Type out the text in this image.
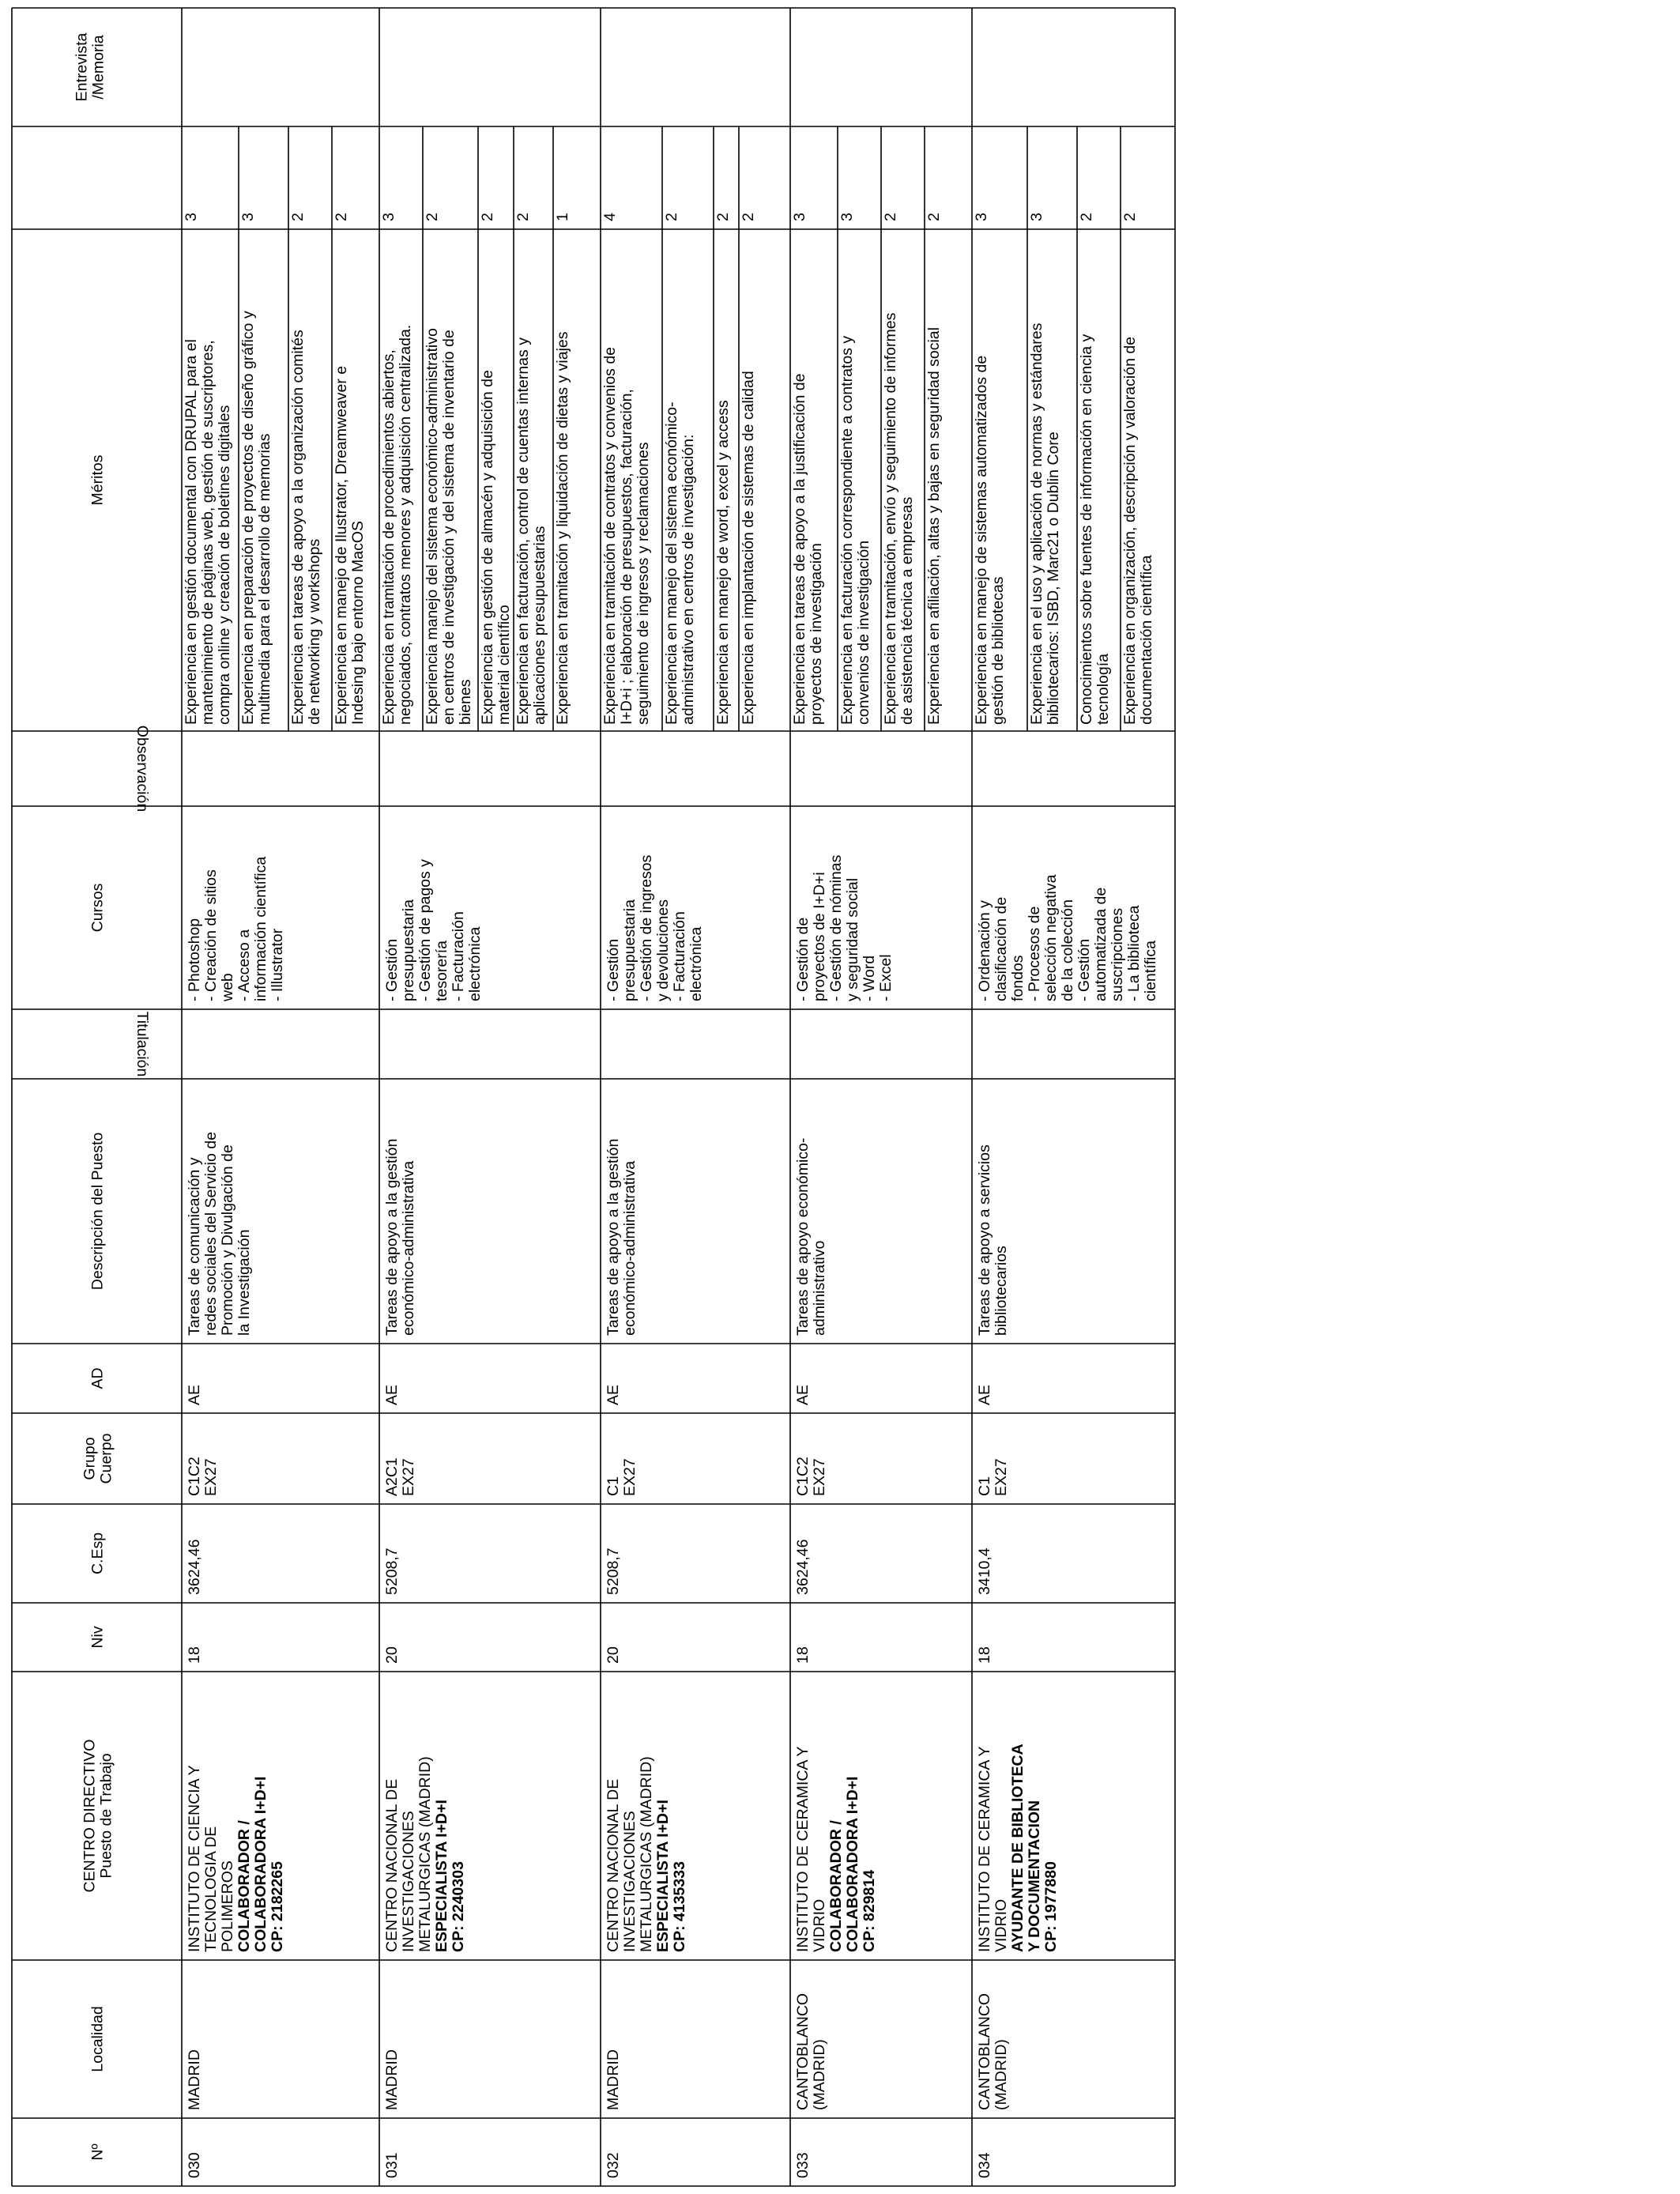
Nº
Localidad
CENTRO DIRECTIVOPuesto de Trabajo
Niv
C.Esp
GrupoCuerpo
AD
Descripción del Puesto
Titulación
Cursos
Observación
Méritos
Entrevista/Memoria
030
MADRID
INSTITUTO DE CIENCIA YTECNOLOGIA DEPOLIMEROS COLABORADOR /COLABORADORA I+D+I CP: 2182265
18
3624,46
C1C2EX27
AE
Tareas de comunicación yredes sociales del Servicio dePromoción y Divulgación dela Investigación
- Photoshop- Creación de sitiosweb- Acceso ainformación científica- Illustrator
Experiencia en gestión documental con DRUPAL para elmantenimiento de páginas web, gestión de suscriptores,compra online y creación de boletines digitales
3
Experiencia en preparación de proyectos de diseño gráfico ymultimedia para el desarrollo de memorias
3
Experiencia en tareas de apoyo a la organización comitésde networking y workshops
2
Experiencia en manejo de Ilustrator, Dreamweaver eIndesing bajo entorno MacOS
2
031
MADRID
CENTRO NACIONAL DEINVESTIGACIONESMETALURGICAS (MADRID) ESPECIALISTA I+D+I CP: 2240303
20
5208,7
A2C1EX27
AE
Tareas de apoyo a la gestióneconómico-administrativa
- Gestiónpresupuestaria- Gestión de pagos ytesorería- Facturaciónelectrónica
Experiencia en tramitación de procedimientos abiertos,negociados, contratos menores y adquisición centralizada.
3
Experiencia manejo del sistema económico-administrativoen centros de investigación y del sistema de inventario debienes
2
Experiencia en gestión de almacén y adquisición dematerial científico
2
Experiencia en facturación, control de cuentas internas yaplicaciones presupuestarias
2
Experiencia en tramitación y liquidación de dietas y viajes
1
032
MADRID
CENTRO NACIONAL DEINVESTIGACIONESMETALURGICAS (MADRID) ESPECIALISTA I+D+I CP: 4135333
20
5208,7
C1EX27
AE
Tareas de apoyo a la gestióneconómico-administrativa
- Gestiónpresupuestaria- Gestión de ingresosy devoluciones- Facturaciónelectrónica
Experiencia en tramitación de contratos y convenios deI+D+i ; elaboración de presupuestos, facturación,seguimiento de ingresos y reclamaciones
4
Experiencia en manejo del sistema económico-administrativo en centros de investigación:
2
Experiencia en manejo de word, excel y access
2
Experiencia en implantación de sistemas de calidad
2
033
CANTOBLANCO(MADRID)
INSTITUTO DE CERAMICA YVIDRIO COLABORADOR /COLABORADORA I+D+I CP: 829814
18
3624,46
C1C2EX27
AE
Tareas de apoyo económico-administrativo
- Gestión deproyectos de I+D+i- Gestión de nóminasy seguridad social- Word- Excel
Experiencia en tareas de apoyo a la justificación deproyectos de investigación
3
Experiencia en facturación correspondiente a contratos yconvenios de investigación
3
Experiencia en tramitación, envío y seguimiento de informesde asistencia técnica a empresas
2
Experiencia en afiliación, altas y bajas en seguridad social
2
034
CANTOBLANCO(MADRID)
INSTITUTO DE CERAMICA YVIDRIO AYUDANTE DE BIBLIOTECAY DOCUMENTACION CP: 1977880
18
3410,4
C1EX27
AE
Tareas de apoyo a serviciosbibliotecarios
- Ordenación yclasificación defondos- Procesos deselección negativade la colección- Gestiónautomatizada desuscripciones- La bibliotecacientífica
Experiencia en manejo de sistemas automatizados degestión de bibliotecas
3
Experiencia en el uso y aplicación de normas y estándaresbibliotecarios: ISBD, Marc21 o Dublin Core
3
Conocimientos sobre fuentes de información en ciencia ytecnología
2
Experiencia en organización, descripción y valoración dedocumentación científica
2
